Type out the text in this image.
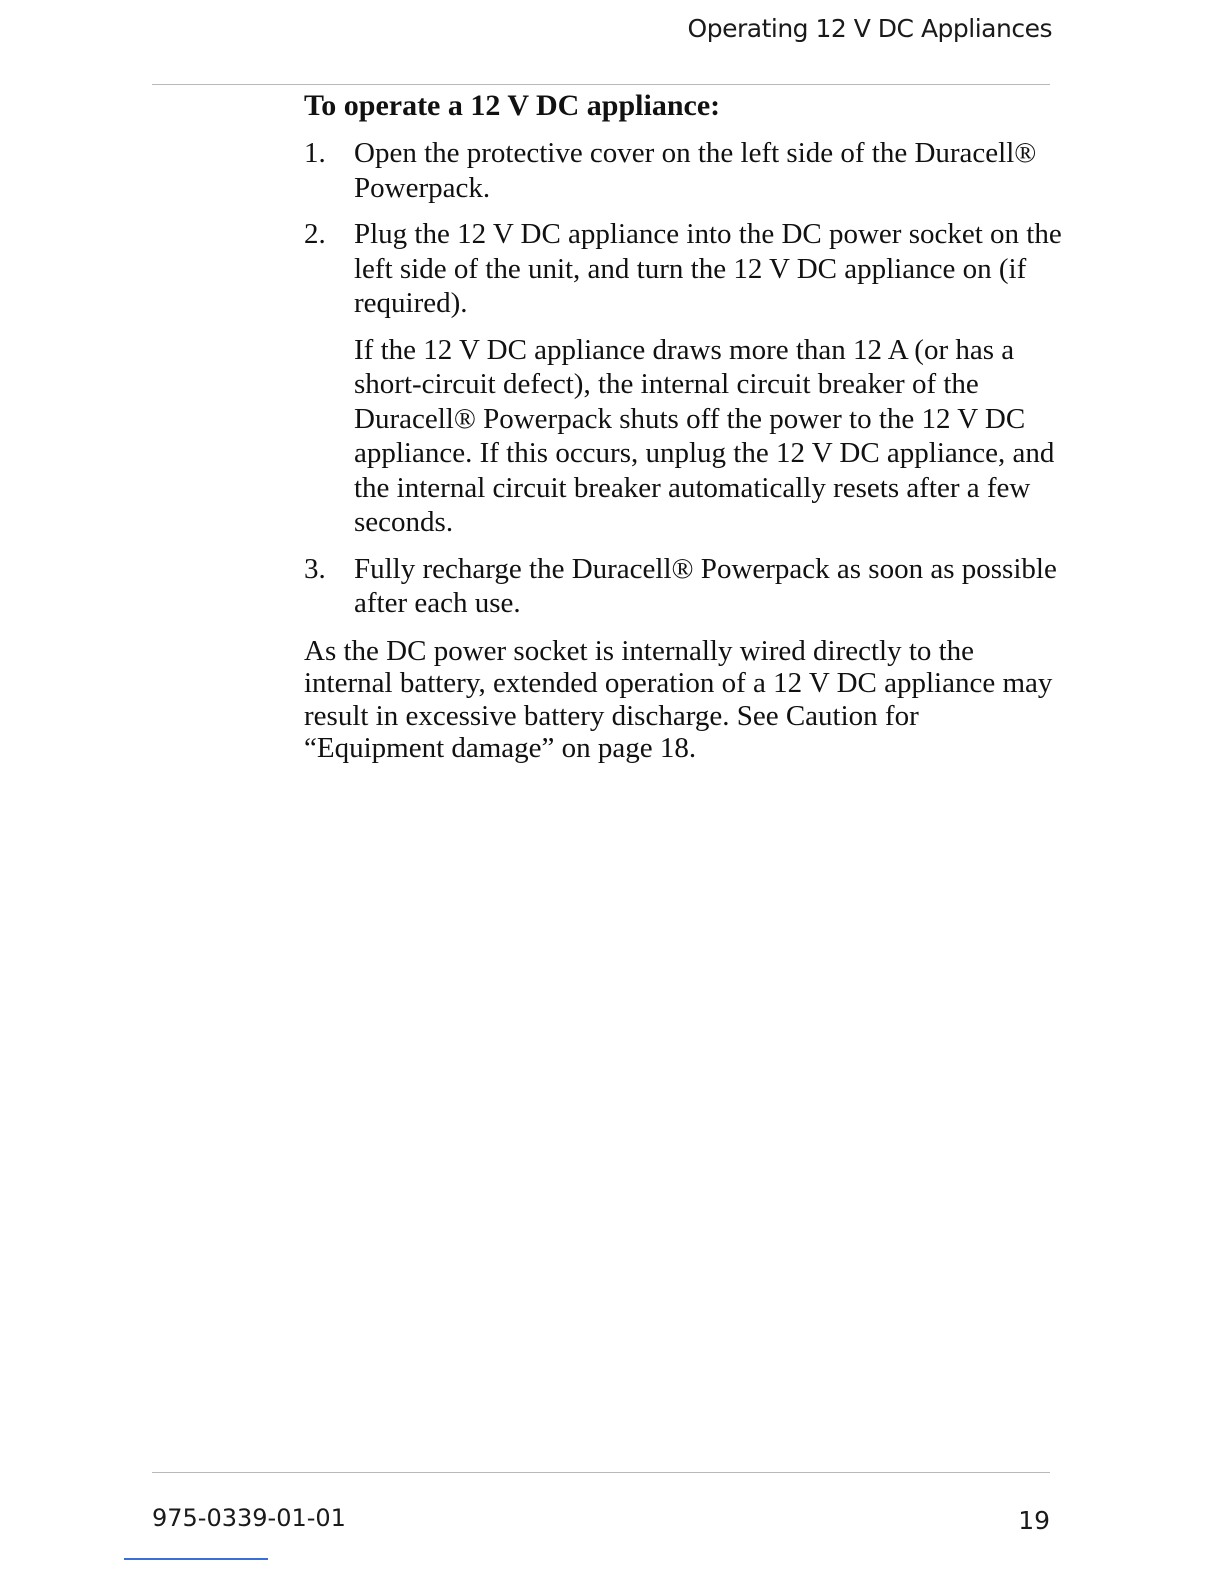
Operating 12 V DC Appliances
To operate a 12 V DC appliance:
1. Open the protective cover on the left side of the Duracell® Powerpack.
2. Plug the 12 V DC appliance into the DC power socket on the left side of the unit, and turn the 12 V DC appliance on (if required).
If the 12 V DC appliance draws more than 12 A (or has a short-circuit defect), the internal circuit breaker of the Duracell® Powerpack shuts off the power to the 12 V DC appliance. If this occurs, unplug the 12 V DC appliance, and the internal circuit breaker automatically resets after a few seconds.
3. Fully recharge the Duracell® Powerpack as soon as possible after each use.

As the DC power socket is internally wired directly to the internal battery, extended operation of a 12 V DC appliance may result in excessive battery discharge. See Caution for “Equipment damage” on page 18.

975-0339-01-01	19
